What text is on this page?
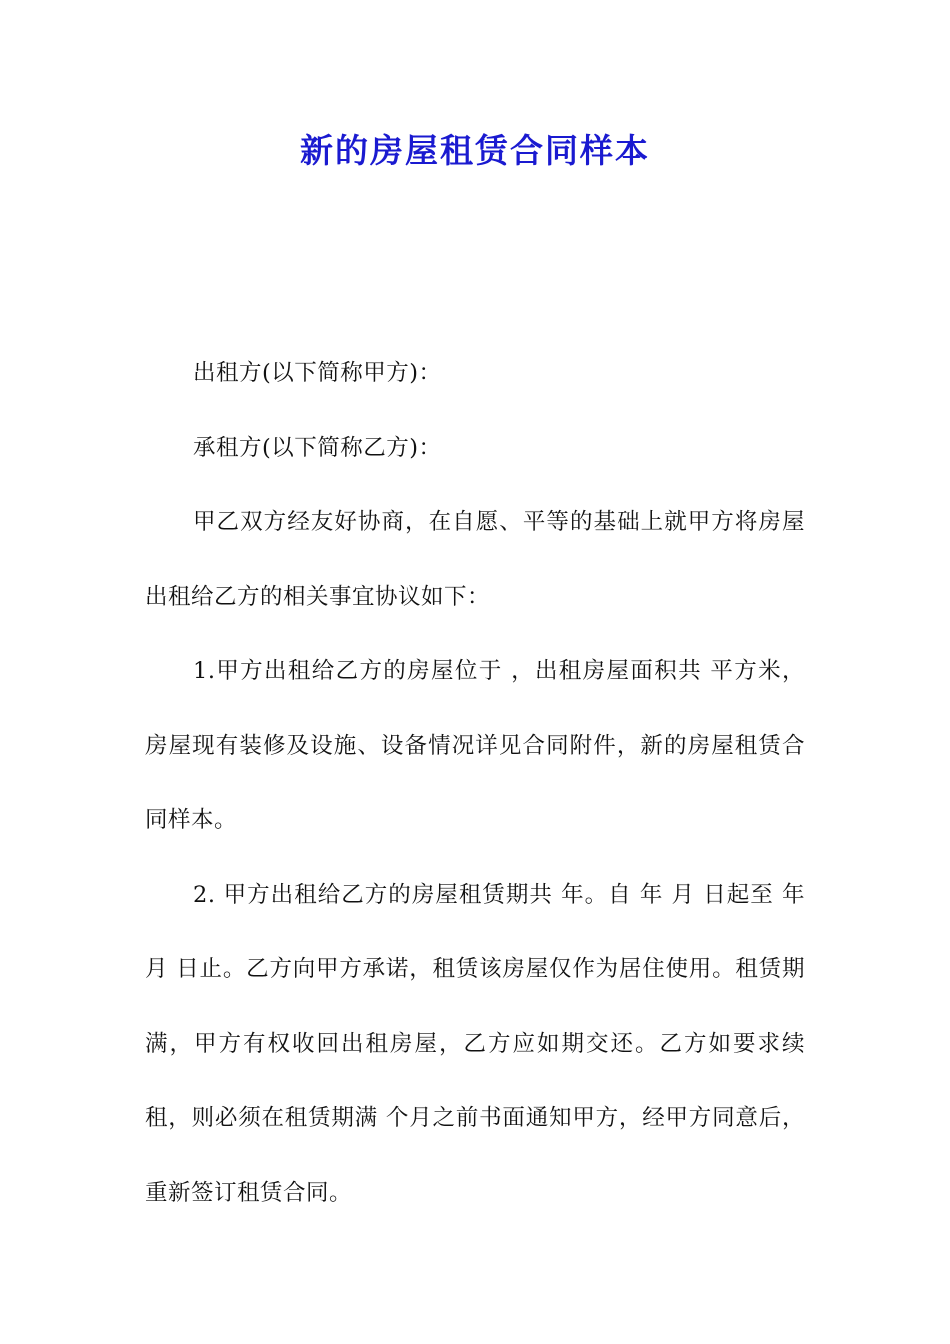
新的房屋租赁合同样本

出租方(以下简称甲方)：

承租方(以下简称乙方)：

甲乙双方经友好协商，在自愿、平等的基础上就甲方将房屋出租给乙方的相关事宜协议如下：

1.甲方出租给乙方的房屋位于 ，出租房屋面积共 平方米，房屋现有装修及设施、设备情况详见合同附件，新的房屋租赁合同样本。

2. 甲方出租给乙方的房屋租赁期共 年。自 年 月 日起至 年 月 日止。乙方向甲方承诺，租赁该房屋仅作为居住使用。租赁期满，甲方有权收回出租房屋，乙方应如期交还。乙方如要求续租，则必须在租赁期满 个月之前书面通知甲方，经甲方同意后，重新签订租赁合同。
